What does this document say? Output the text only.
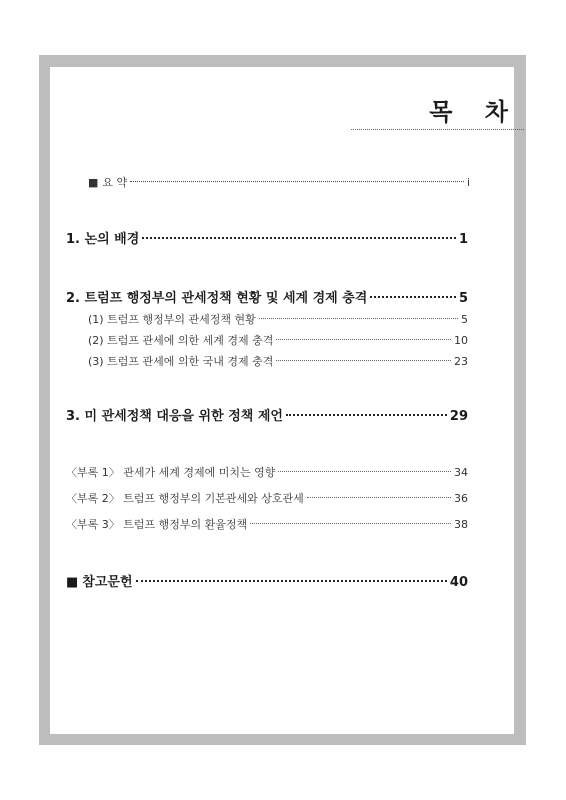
목 차
■ 요 약	i
1. 논의 배경	1
2. 트럼프 행정부의 관세정책 현황 및 세계 경제 충격	5
(1) 트럼프 행정부의 관세정책 현황	5
(2) 트럼프 관세에 의한 세계 경제 충격	10
(3) 트럼프 관세에 의한 국내 경제 충격	23
3. 미 관세정책 대응을 위한 정책 제언	29
〈부록 1〉 관세가 세계 경제에 미치는 영향	34
〈부록 2〉 트럼프 행정부의 기본관세와 상호관세	36
〈부록 3〉 트럼프 행정부의 환율정책	38
■ 참고문헌	40
